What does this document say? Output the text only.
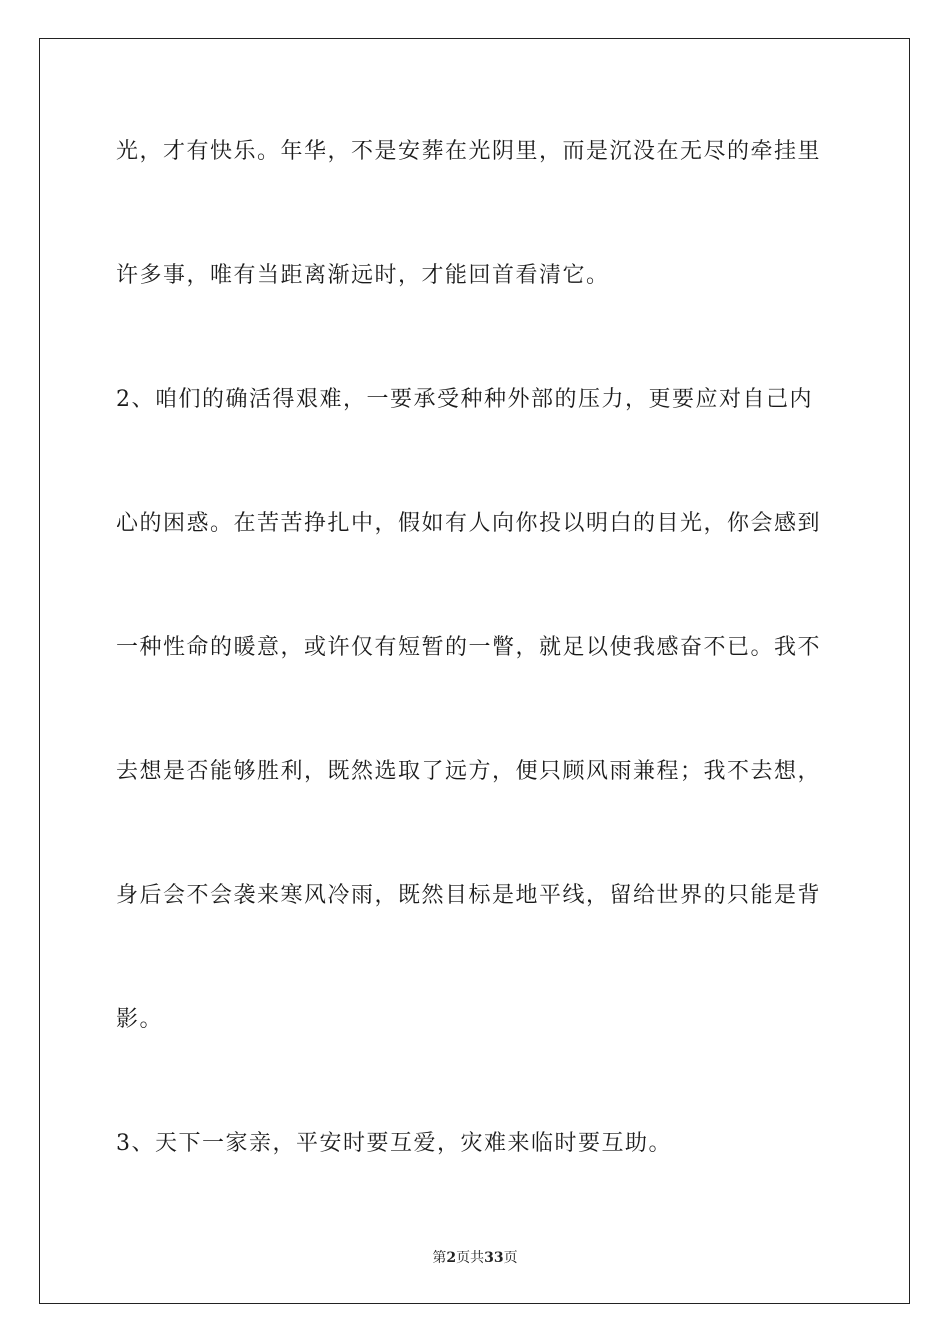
光，才有快乐。年华，不是安葬在光阴里，而是沉没在无尽的牵挂里
许多事，唯有当距离渐远时，才能回首看清它。
2、咱们的确活得艰难，一要承受种种外部的压力，更要应对自己内
心的困惑。在苦苦挣扎中，假如有人向你投以明白的目光，你会感到
一种性命的暖意，或许仅有短暂的一瞥，就足以使我感奋不已。我不
去想是否能够胜利，既然选取了远方，便只顾风雨兼程；我不去想，
身后会不会袭来寒风冷雨，既然目标是地平线，留给世界的只能是背
影。
3、天下一家亲，平安时要互爱，灾难来临时要互助。
第2页共33页
